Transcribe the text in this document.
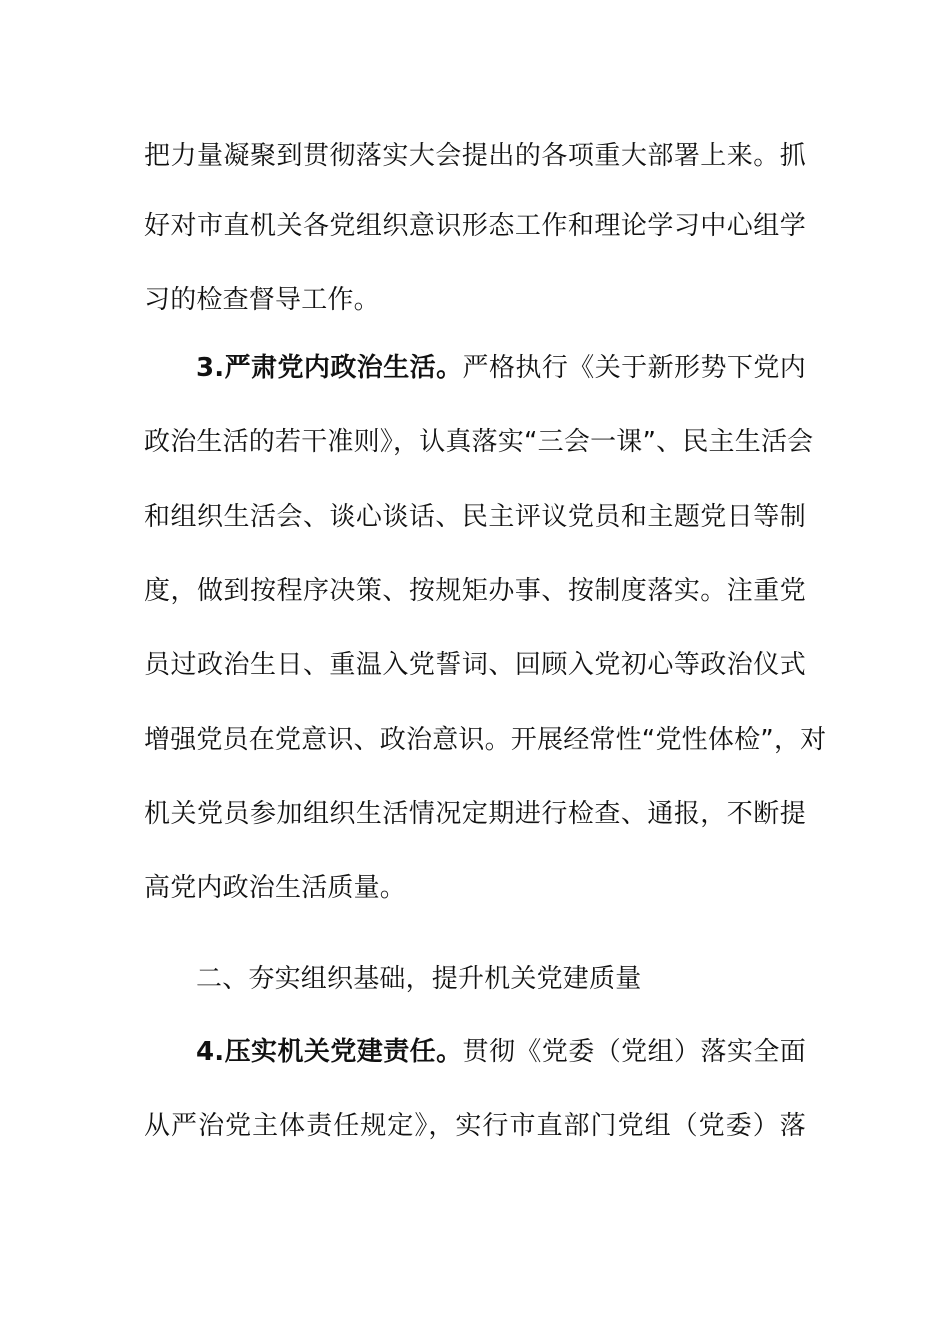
把力量凝聚到贯彻落实大会提出的各项重大部署上来。抓
好对市直机关各党组织意识形态工作和理论学习中心组学
习的检查督导工作。
3.严肃党内政治生活。严格执行《关于新形势下党内
政治生活的若干准则》，认真落实“三会一课”、民主生活会
和组织生活会、谈心谈话、民主评议党员和主题党日等制
度，做到按程序决策、按规矩办事、按制度落实。注重党
员过政治生日、重温入党誓词、回顾入党初心等政治仪式
增强党员在党意识、政治意识。开展经常性“党性体检”，对
机关党员参加组织生活情况定期进行检查、通报，不断提
高党内政治生活质量。
二、夯实组织基础，提升机关党建质量
4.压实机关党建责任。贯彻《党委（党组）落实全面
从严治党主体责任规定》，实行市直部门党组（党委）落
